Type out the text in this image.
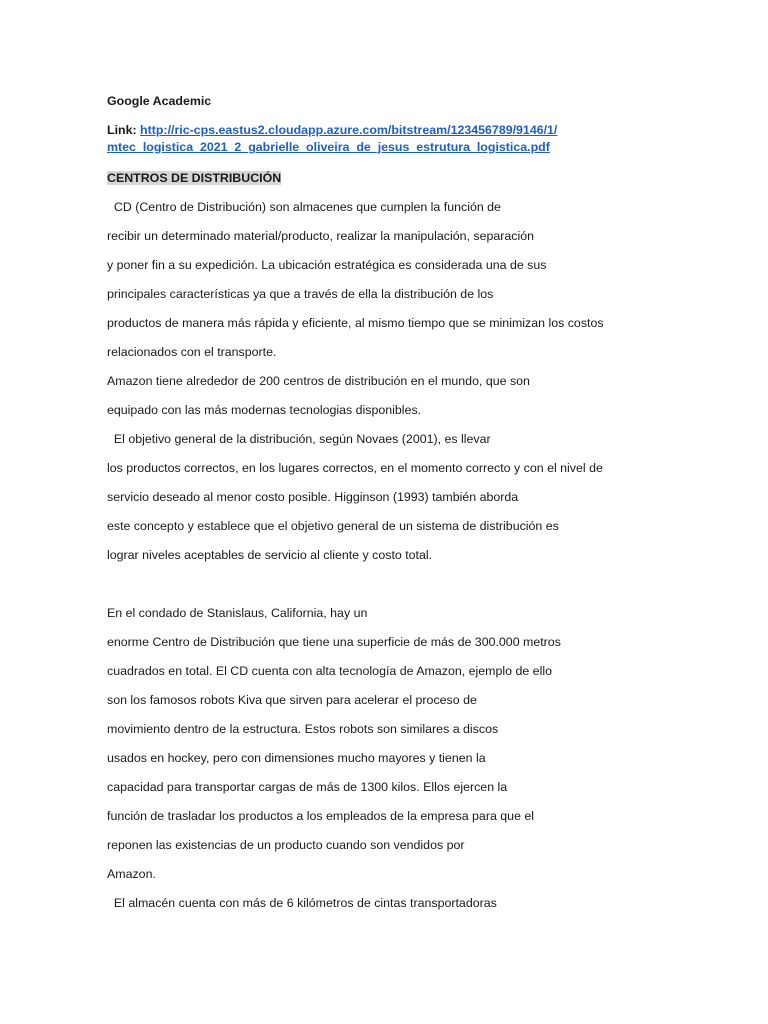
Google Academic
Link: http://ric-cps.eastus2.cloudapp.azure.com/bitstream/123456789/9146/1/
mtec_logistica_2021_2_gabrielle_oliveira_de_jesus_estrutura_logistica.pdf
CENTROS DE DISTRIBUCIÓN
CD (Centro de Distribución) son almacenes que cumplen la función de
recibir un determinado material/producto, realizar la manipulación, separación
y poner fin a su expedición. La ubicación estratégica es considerada una de sus
principales características ya que a través de ella la distribución de los
productos de manera más rápida y eficiente, al mismo tiempo que se minimizan los costos
relacionados con el transporte.
Amazon tiene alrededor de 200 centros de distribución en el mundo, que son
equipado con las más modernas tecnologias disponibles.
El objetivo general de la distribución, según Novaes (2001), es llevar
los productos correctos, en los lugares correctos, en el momento correcto y con el nivel de
servicio deseado al menor costo posible. Higginson (1993) también aborda
este concepto y establece que el objetivo general de un sistema de distribución es
lograr niveles aceptables de servicio al cliente y costo total.
En el condado de Stanislaus, California, hay un
enorme Centro de Distribución que tiene una superficie de más de 300.000 metros
cuadrados en total. El CD cuenta con alta tecnología de Amazon, ejemplo de ello
son los famosos robots Kiva que sirven para acelerar el proceso de
movimiento dentro de la estructura. Estos robots son similares a discos
usados en hockey, pero con dimensiones mucho mayores y tienen la
capacidad para transportar cargas de más de 1300 kilos. Ellos ejercen la
función de trasladar los productos a los empleados de la empresa para que el
reponen las existencias de un producto cuando son vendidos por
Amazon.
El almacén cuenta con más de 6 kilómetros de cintas transportadoras
